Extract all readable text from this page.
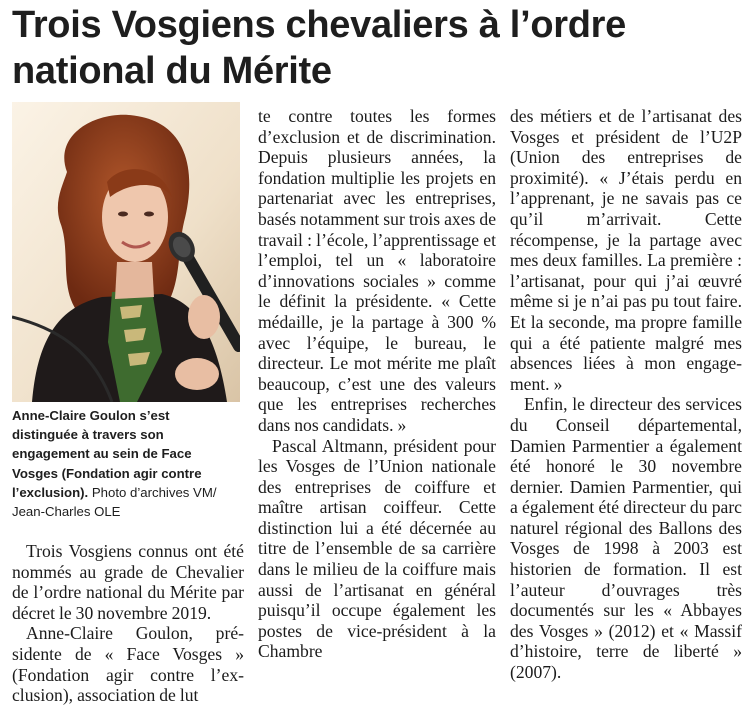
Trois Vosgiens chevaliers à l’ordre
national du Mérite
Anne-Claire Goulon s’est
distinguée à travers son
engagement au sein de Face
Vosges (Fondation agir contre
l’exclusion). Photo d’archives VM/
Jean-Charles OLE

Trois Vosgiens connus ont été nommés au grade de Chevalier de l’ordre national du Mérite par décret le 30 novembre 2019.

Anne-Claire Goulon, présidente de « Face Vosges » (Fondation agir contre l’exclusion), association de lut

te contre toutes les formes d’exclusion et de discrimination. Depuis plusieurs années, la fondation multiplie les projets en partenariat avec les entreprises, basés notamment sur trois axes de travail : l’école, l’apprentissage et l’emploi, tel un « laboratoire d’innovations sociales » comme le définit la présidente. « Cette médaille, je la partage à 300 % avec l’équipe, le bureau, le directeur. Le mot mérite me plaît beaucoup, c’est une des valeurs que les entreprises recherches dans nos candidats. »

Pascal Altmann, président pour les Vosges de l’Union nationale des entreprises de coiffure et maître artisan coiffeur. Cette distinction lui a été décernée au titre de l’ensemble de sa carrière dans le milieu de la coiffure mais aussi de l’artisanat en général puisqu’il occupe également les postes de vice-président à la Chambre

des métiers et de l’artisanat des Vosges et président de l’U2P (Union des entreprises de proximité). « J’étais perdu en l’apprenant, je ne savais pas ce qu’il m’arrivait. Cette récompense, je la partage avec mes deux familles. La première : l’artisanat, pour qui j’ai œuvré même si je n’ai pas pu tout faire. Et la seconde, ma propre famille qui a été patiente malgré mes absences liées à mon engagement. »

Enfin, le directeur des services du Conseil départemental, Damien Parmentier a également été honoré le 30 novembre dernier. Damien Parmentier, qui a également été directeur du parc naturel régional des Ballons des Vosges de 1998 à 2003 est historien de formation. Il est l’auteur d’ouvrages très documentés sur les « Abbayes des Vosges » (2012) et « Massif d’histoire, terre de liberté » (2007).
